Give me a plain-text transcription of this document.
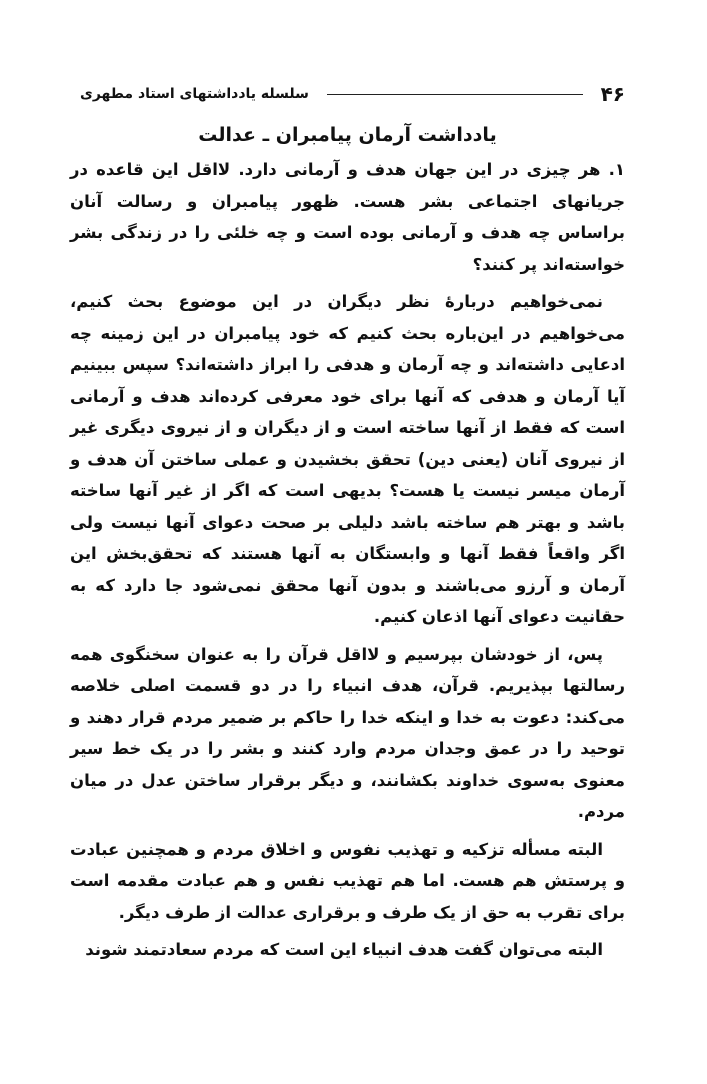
۴۶
سلسله یادداشتهای استاد مطهری
یادداشت آرمان پیامبران ـ عدالت

۱. هر چیزی در این جهان هدف و آرمانی دارد. لااقل این قاعده در جریانهای اجتماعی بشر هست. ظهور پیامبران و رسالت آنان براساس چه هدف و آرمانی بوده است و چه خلئی را در زندگی بشر خواسته‌اند پر کنند؟

نمی‌خواهیم دربارهٔ نظر دیگران در این موضوع بحث کنیم، می‌خواهیم در این‌باره بحث کنیم که خود پیامبران در این زمینه چه ادعایی داشته‌اند و چه آرمان و هدفی را ابراز داشته‌اند؟ سپس ببینیم آیا آرمان و هدفی که آنها برای خود معرفی کرده‌اند هدف و آرمانی است که فقط از آنها ساخته است و از دیگران و از نیروی دیگری غیر از نیروی آنان (یعنی دین) تحقق بخشیدن و عملی ساختن آن هدف و آرمان میسر نیست یا هست؟ بدیهی است که اگر از غیر آنها ساخته باشد و بهتر هم ساخته باشد دلیلی بر صحت دعوای آنها نیست ولی اگر واقعاً فقط آنها و وابستگان به آنها هستند که تحقق‌بخش این آرمان و آرزو می‌باشند و بدون آنها محقق نمی‌شود جا دارد که به حقانیت دعوای آنها اذعان کنیم.

پس، از خودشان بپرسیم و لااقل قرآن را به عنوان سخنگوی همه رسالتها بپذیریم. قرآن، هدف انبیاء را در دو قسمت اصلی خلاصه می‌کند: دعوت به خدا و اینکه خدا را حاکم بر ضمیر مردم قرار دهند و توحید را در عمق وجدان مردم وارد کنند و بشر را در یک خط سیر معنوی به‌سوی خداوند بکشانند، و دیگر برقرار ساختن عدل در میان مردم.

البته مسأله تزکیه و تهذیب نفوس و اخلاق مردم و همچنین عبادت و پرستش هم هست. اما هم تهذیب نفس و هم عبادت مقدمه است برای تقرب به حق از یک طرف و برقراری عدالت از طرف دیگر.

البته می‌توان گفت هدف انبیاء این است که مردم سعادتمند شوند
